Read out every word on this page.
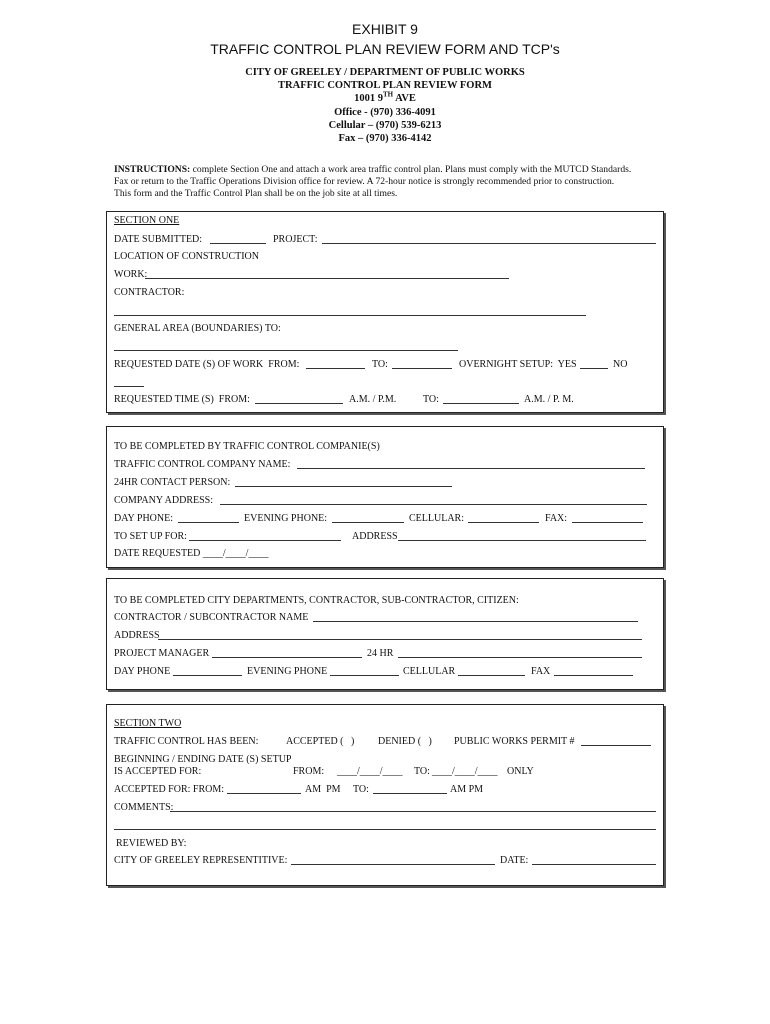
EXHIBIT 9
TRAFFIC CONTROL PLAN REVIEW FORM AND TCP's
CITY OF GREELEY / DEPARTMENT OF PUBLIC WORKS
TRAFFIC CONTROL PLAN REVIEW FORM
1001 9TH AVE
Office - (970) 336-4091
Cellular – (970) 539-6213
Fax – (970) 336-4142
INSTRUCTIONS: complete Section One and attach a work area traffic control plan. Plans must comply with the MUTCD Standards.
Fax or return to the Traffic Operations Division office for review. A 72-hour notice is strongly recommended prior to construction.
This form and the Traffic Control Plan shall be on the job site at all times.
SECTION ONE
DATE SUBMITTED:	PROJECT:
LOCATION OF CONSTRUCTION
WORK:
CONTRACTOR:
GENERAL AREA (BOUNDARIES) TO:
REQUESTED DATE (S) OF WORK  FROM:	TO:	OVERNIGHT SETUP:  YES	NO
REQUESTED TIME (S)  FROM:	A.M. / P.M.	TO:	A.M. / P. M.
TO BE COMPLETED BY TRAFFIC CONTROL COMPANIE(S)
TRAFFIC CONTROL COMPANY NAME:
24HR CONTACT PERSON:
COMPANY ADDRESS:
DAY PHONE:	EVENING PHONE:	CELLULAR:	FAX:
TO SET UP FOR:	ADDRESS
DATE REQUESTED ____/____/____
TO BE COMPLETED CITY DEPARTMENTS, CONTRACTOR, SUB-CONTRACTOR, CITIZEN:
CONTRACTOR / SUBCONTRACTOR NAME
ADDRESS
PROJECT MANAGER	24 HR
DAY PHONE	EVENING PHONE	CELLULAR	FAX
SECTION TWO
TRAFFIC CONTROL HAS BEEN:	ACCEPTED (   ) DENIED (   ) PUBLIC WORKS PERMIT #
BEGINNING / ENDING DATE (S) SETUP
IS ACCEPTED FOR:	FROM: ____/____/____ TO: ____/____/____ ONLY
ACCEPTED FOR: FROM:	AM  PM TO:	AM PM
COMMENTS:
REVIEWED BY:
CITY OF GREELEY REPRESENTITIVE:	DATE:
